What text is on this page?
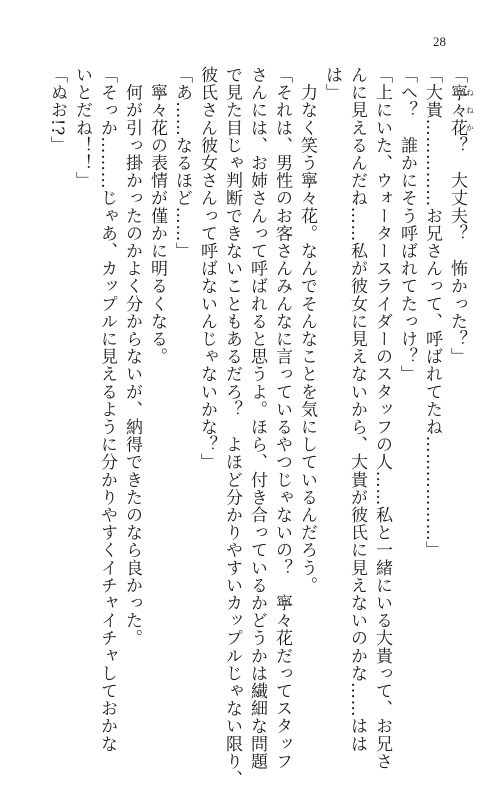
28
「寧々花ねねか？　大丈夫？　怖かった？」
「大貴……………お兄さんって、呼ばれてたね………………」
「へ？　誰かにそう呼ばれてたっけ？」
「上にいた、ウォータースライダーのスタッフの人……私と一緒にいる大貴って、お兄さ
んに見えるんだね……私が彼女に見えないから、大貴が彼氏に見えないのかな……はは
は」
　力なく笑う寧々花。なんでそんなことを気にしているんだろう。
「それは、男性のお客さんみんなに言っているやつじゃないの？　寧々花だってスタッフ
さんには、お姉さんって呼ばれると思うよ。ほら、付き合っているかどうかは繊細な問題
で見た目じゃ判断できないこともあるだろ？　よほど分かりやすいカップルじゃない限り、
彼氏さん彼女さんって呼ばないんじゃないかな？」
「あ……なるほど……」
　寧々花の表情が僅かに明るくなる。
　何が引っ掛かったのかよく分からないが、納得できたのなら良かった。
「そっか………じゃあ、カップルに見えるように分かりやすくイチャイチャしておかな
いとだね！！」
「ぬお!?」
